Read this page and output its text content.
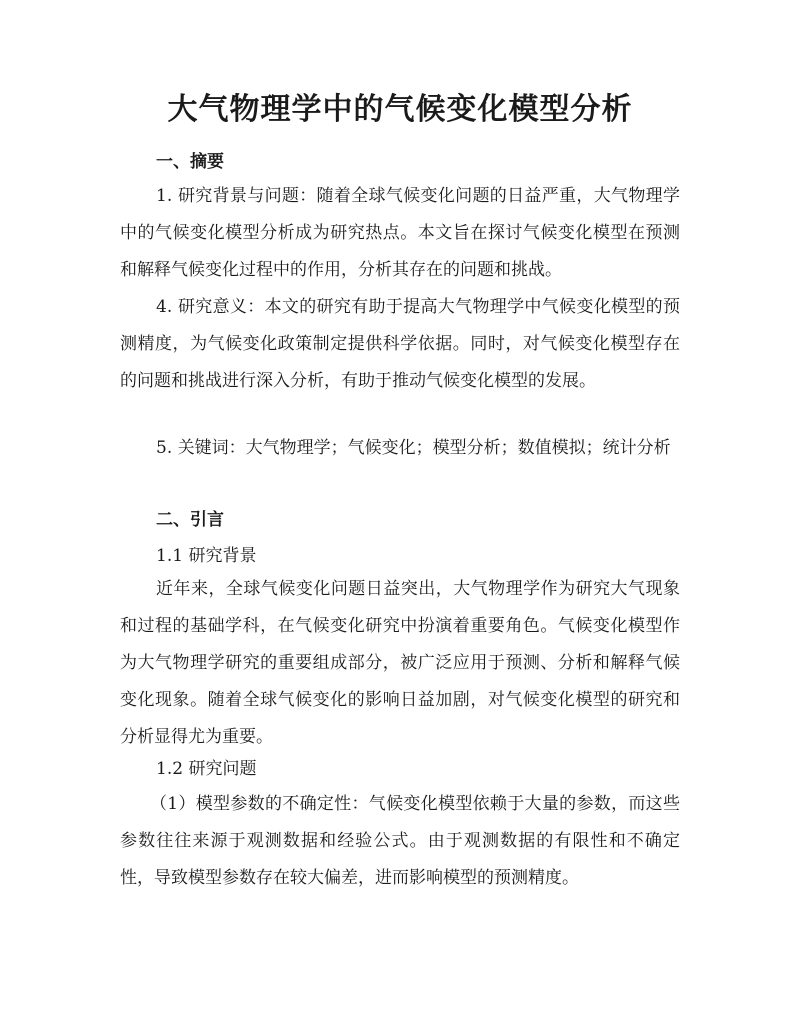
大气物理学中的气候变化模型分析
一、摘要

1. 研究背景与问题：随着全球气候变化问题的日益严重，大气物理学中的气候变化模型分析成为研究热点。本文旨在探讨气候变化模型在预测和解释气候变化过程中的作用，分析其存在的问题和挑战。

4. 研究意义：本文的研究有助于提高大气物理学中气候变化模型的预测精度，为气候变化政策制定提供科学依据。同时，对气候变化模型存在的问题和挑战进行深入分析，有助于推动气候变化模型的发展。

5. 关键词：大气物理学；气候变化；模型分析；数值模拟；统计分析

二、引言
1.1 研究背景

近年来，全球气候变化问题日益突出，大气物理学作为研究大气现象和过程的基础学科，在气候变化研究中扮演着重要角色。气候变化模型作为大气物理学研究的重要组成部分，被广泛应用于预测、分析和解释气候变化现象。随着全球气候变化的影响日益加剧，对气候变化模型的研究和分析显得尤为重要。

1.2 研究问题

（1）模型参数的不确定性：气候变化模型依赖于大量的参数，而这些参数往往来源于观测数据和经验公式。由于观测数据的有限性和不确定性，导致模型参数存在较大偏差，进而影响模型的预测精度。
